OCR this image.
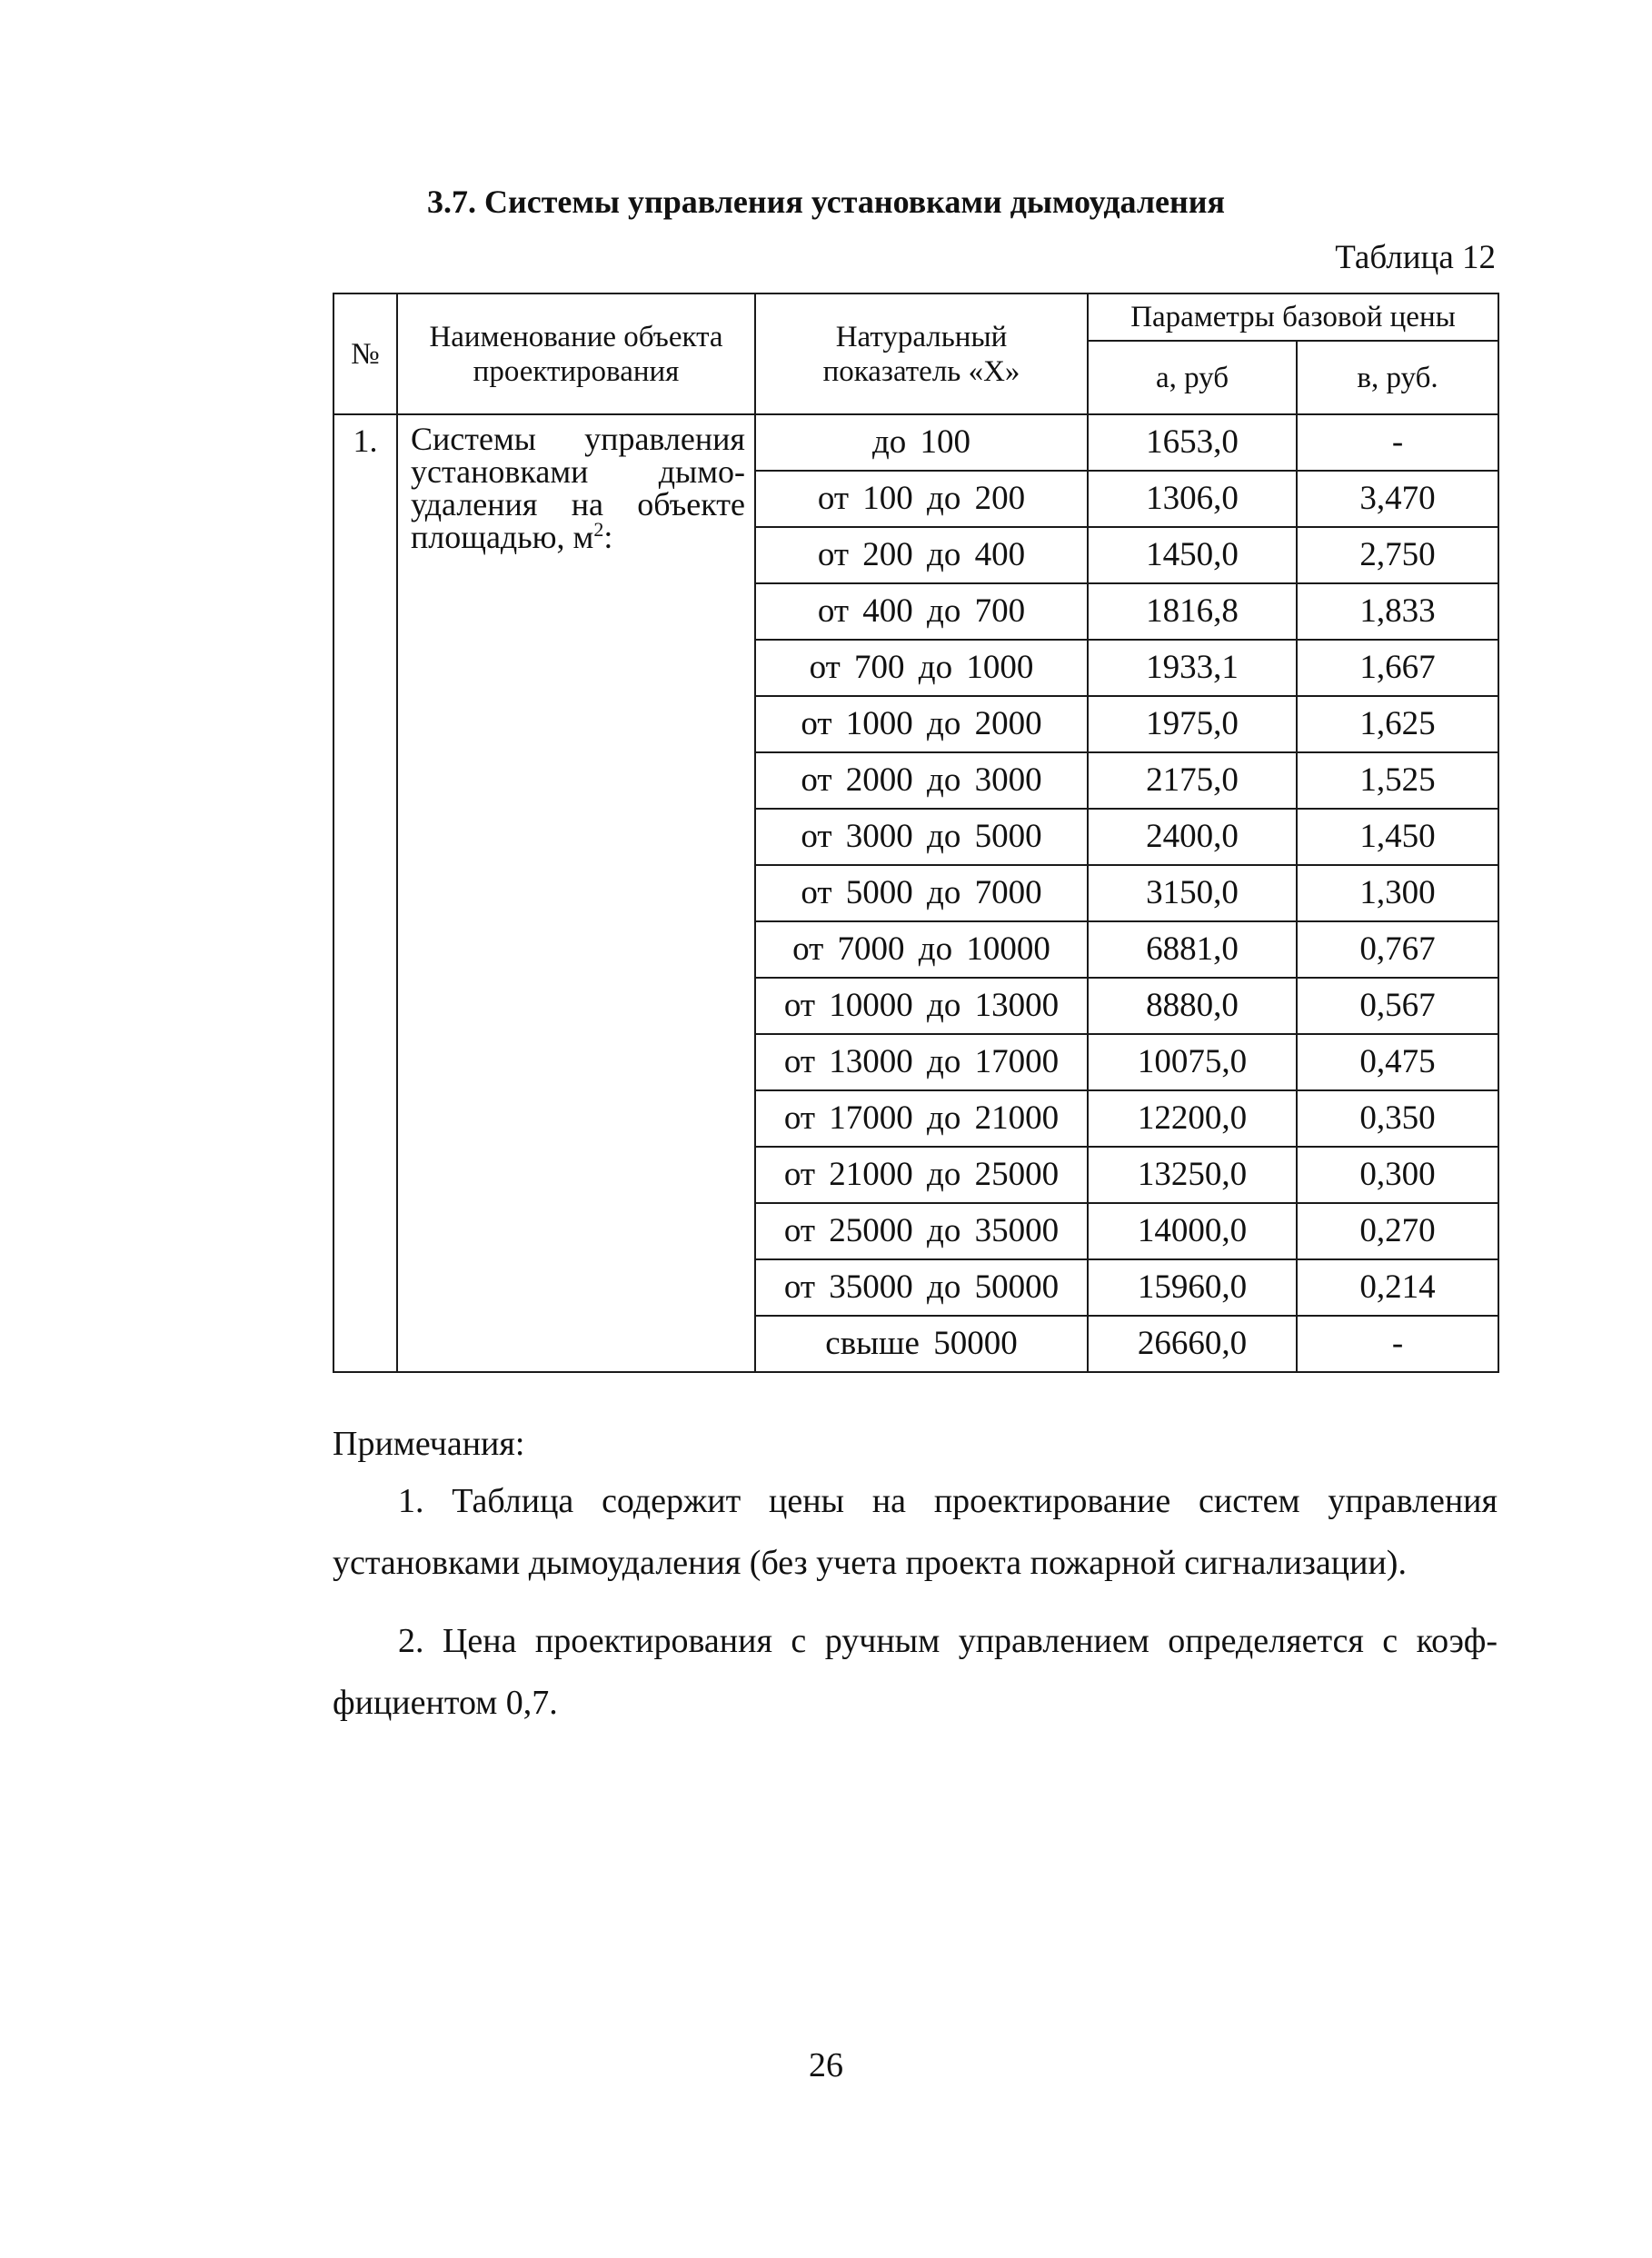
3.7. Системы управления установками дымоудаления
Таблица 12
№	Наименование объекта проектирования	Натуральный показатель «Х»	Параметры базовой цены	
			а, руб	в, руб.
1.	Системы управления
установками дымо-
удаления на объекте
площадью, $м^2$:	до 100	1653,0	-
		от 100 до 200	1306,0	3,470
		от 200 до 400	1450,0	2,750
		от 400 до 700	1816,8	1,833
		от 700 до 1000	1933,1	1,667
		от 1000 до 2000	1975,0	1,625
		от 2000 до 3000	2175,0	1,525
		от 3000 до 5000	2400,0	1,450
		от 5000 до 7000	3150,0	1,300
		от 7000 до 10000	6881,0	0,767
		от 10000 до 13000	8880,0	0,567
		от 13000 до 17000	10075,0	0,475
		от 17000 до 21000	12200,0	0,350
		от 21000 до 25000	13250,0	0,300
		от 25000 до 35000	14000,0	0,270
		от 35000 до 50000	15960,0	0,214
		свыше 50000	26660,0	-
Примечания:

1. Таблица содержит цены на проектирование систем управления установками дымоудаления (без учета проекта пожарной сигнализации).

2. Цена проектирования с ручным управлением определяется с коэф-фициентом 0,7.

26
